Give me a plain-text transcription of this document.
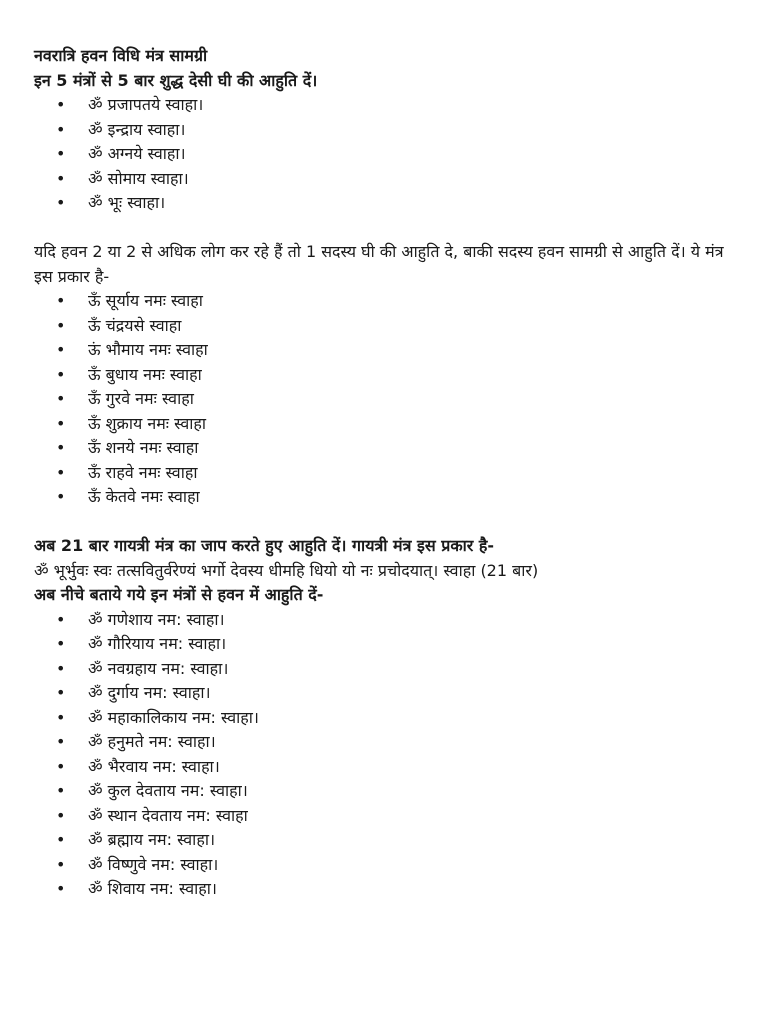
नवरात्रि हवन विधि मंत्र सामग्री

इन 5 मंत्रों से 5 बार शुद्ध देसी घी की आहुति दें।

• ॐ प्रजापतये स्वाहा।
• ॐ इन्द्राय स्वाहा।
• ॐ अग्नये स्वाहा।
• ॐ सोमाय स्वाहा।
• ॐ भूः स्वाहा।

यदि हवन 2 या 2 से अधिक लोग कर रहे हैं तो 1 सदस्य घी की आहुति दे, बाकी सदस्य हवन सामग्री से आहुति दें। ये मंत्र इस प्रकार है-

• ऊँ सूर्याय नमः स्वाहा
• ऊँ चंद्रयसे स्वाहा
• ऊं भौमाय नमः स्वाहा
• ऊँ बुधाय नमः स्वाहा
• ऊँ गुरवे नमः स्वाहा
• ऊँ शुक्राय नमः स्वाहा
• ऊँ शनये नमः स्वाहा
• ऊँ राहवे नमः स्वाहा
• ऊँ केतवे नमः स्वाहा

अब 21 बार गायत्री मंत्र का जाप करते हुए आहुति दें। गायत्री मंत्र इस प्रकार है-

ॐ भूर्भुवः स्वः तत्सवितुर्वरेण्यं भर्गो देवस्य धीमहि धियो यो नः प्रचोदयात्। स्वाहा (21 बार)

अब नीचे बताये गये इन मंत्रों से हवन में आहुति दें-

• ॐ गणेशाय नम: स्वाहा।
• ॐ गौरियाय नम: स्वाहा।
• ॐ नवग्रहाय नम: स्वाहा।
• ॐ दुर्गाय नम: स्वाहा।
• ॐ महाकालिकाय नम: स्वाहा।
• ॐ हनुमते नम: स्वाहा।
• ॐ भैरवाय नम: स्वाहा।
• ॐ कुल देवताय नम: स्वाहा।
• ॐ स्थान देवताय नम: स्वाहा
• ॐ ब्रह्माय नम: स्वाहा।
• ॐ विष्णुवे नम: स्वाहा।
• ॐ शिवाय नम: स्वाहा।
